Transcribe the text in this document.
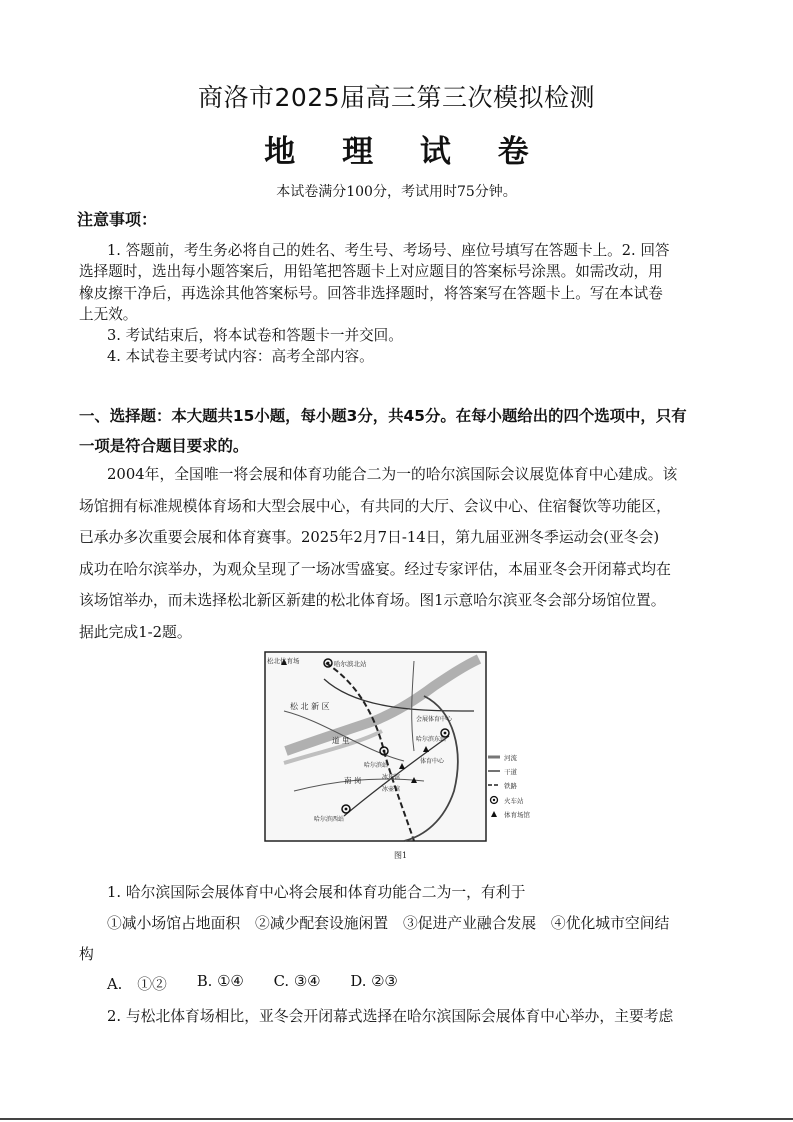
商洛市2025届高三第三次模拟检测
地 理 试 卷
本试卷满分100分，考试用时75分钟。
注意事项：
1. 答题前，考生务必将自己的姓名、考生号、考场号、座位号填写在答题卡上。2. 回答
选择题时，选出每小题答案后，用铅笔把答题卡上对应题目的答案标号涂黑。如需改动，用
橡皮擦干净后，再选涂其他答案标号。回答非选择题时，将答案写在答题卡上。写在本试卷
上无效。
3. 考试结束后，将本试卷和答题卡一并交回。
4. 本试卷主要考试内容：高考全部内容。
一、选择题：本大题共15小题，每小题3分，共45分。在每小题给出的四个选项中，只有
一项是符合题目要求的。
2004年，全国唯一将会展和体育功能合二为一的哈尔滨国际会议展览体育中心建成。该
场馆拥有标准规模体育场和大型会展中心，有共同的大厅、会议中心、住宿餐饮等功能区，
已承办多次重要会展和体育赛事。2025年2月7日-14日，第九届亚洲冬季运动会(亚冬会)
成功在哈尔滨举办，为观众呈现了一场冰雪盛宴。经过专家评估，本届亚冬会开闭幕式均在
该场馆举办，而未选择松北新区新建的松北体育场。图1示意哈尔滨亚冬会部分场馆位置。
据此完成1-2题。
松北体育场	哈尔滨北站
松 北 新 区
会展体育中心
哈尔滨站
哈尔滨东站
哈尔滨西站
道 里
南 岗
体育中心
冰球馆
冰壶馆
河流
干道
铁路
火车站
体育场馆
图1
1. 哈尔滨国际会展体育中心将会展和体育功能合二为一，有利于
①减小场馆占地面积　②减少配套设施闲置　③促进产业融合发展　④优化城市空间结
构
A.　 ①② B. ①④ C. ③④ D. ②③
2. 与松北体育场相比，亚冬会开闭幕式选择在哈尔滨国际会展体育中心举办，主要考虑
